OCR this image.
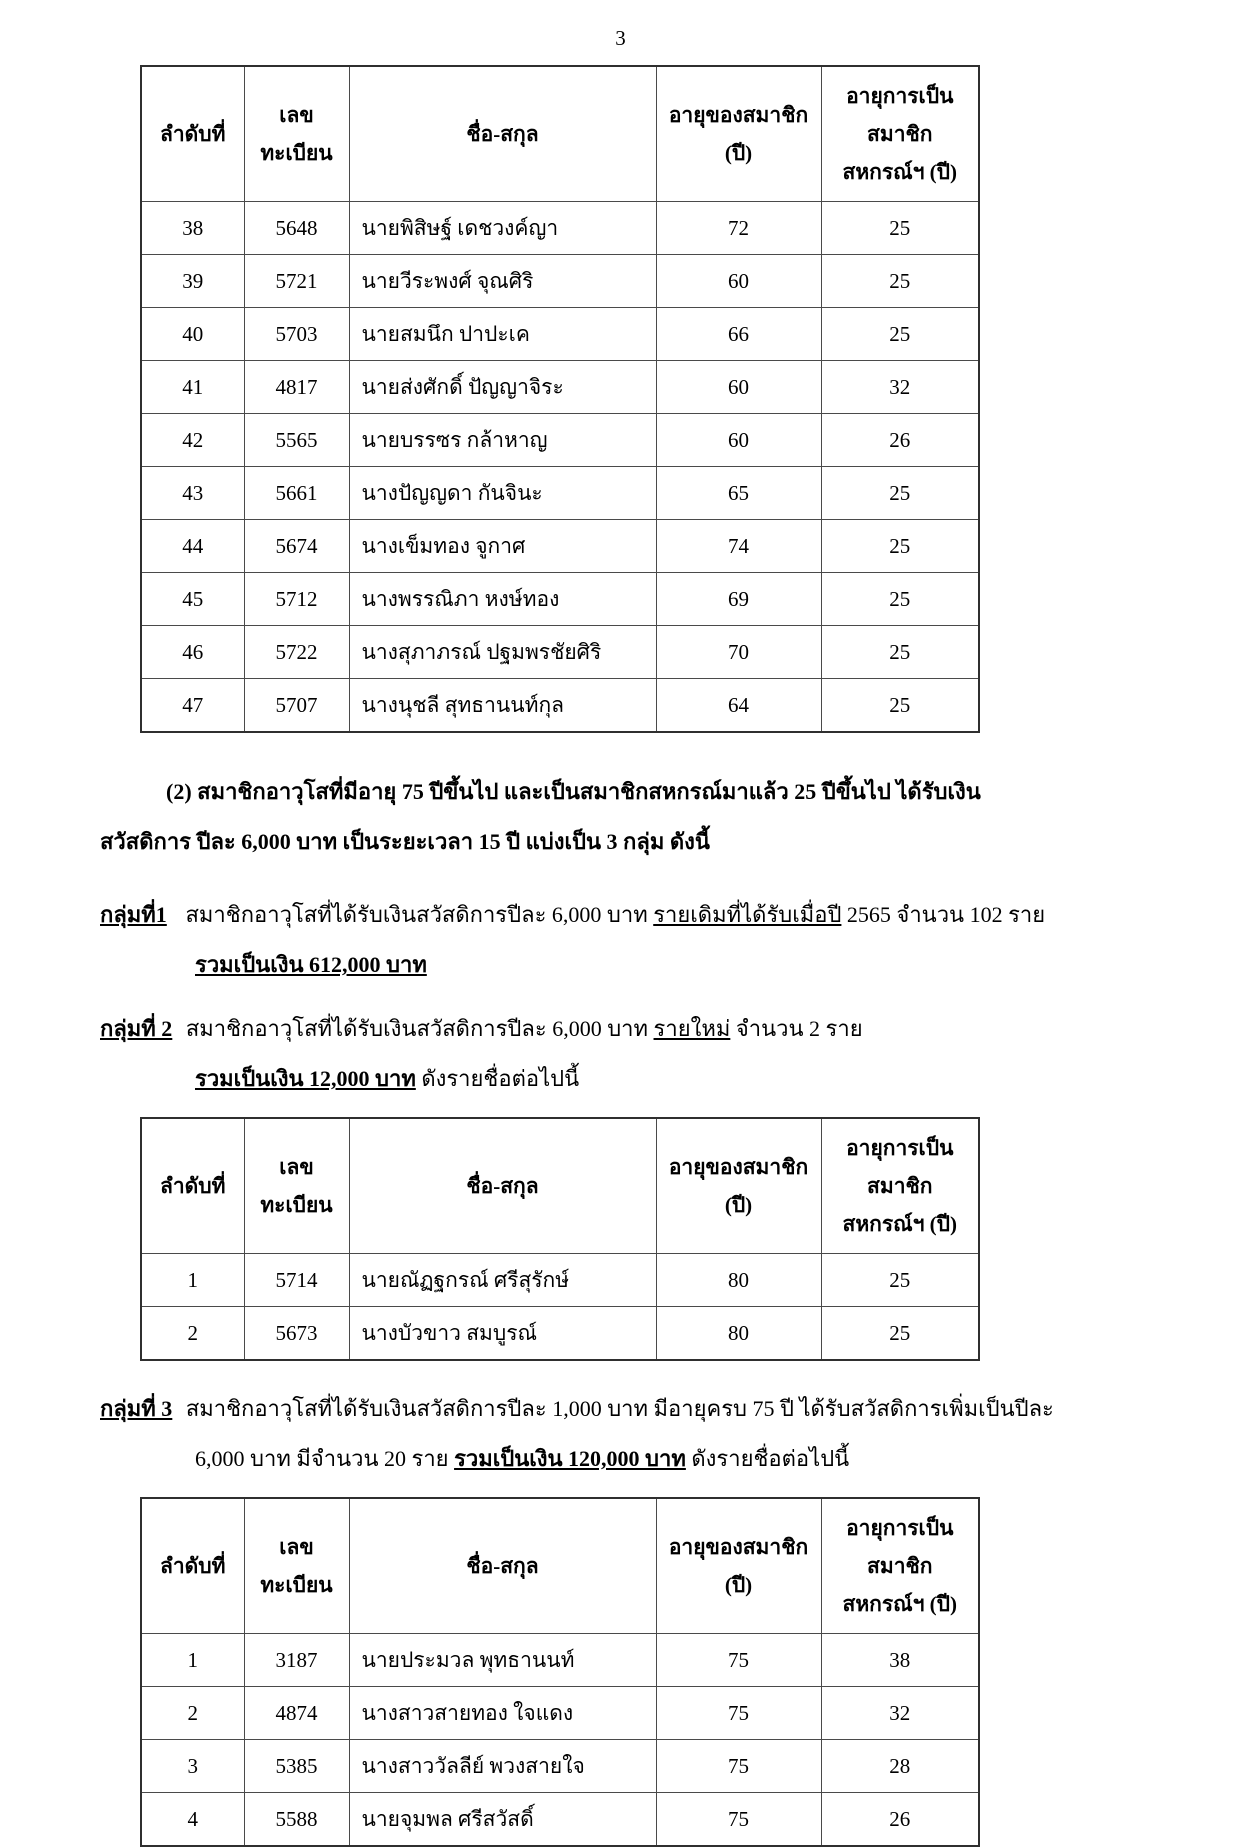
3
ลำดับที่

เลข
ทะเบียน

ชื่อ-สกุล

อายุของสมาชิก
(ปี)

อายุการเป็น
สมาชิก
สหกรณ์ฯ (ปี)

38	5648	นายพิสิษฐ์ เดชวงค์ญา	72	25
39	5721	นายวีระพงศ์ จุณศิริ	60	25
40	5703	นายสมนึก ปาปะเค	66	25
41	4817	นายส่งศักดิ์ ปัญญาจิระ	60	32
42	5565	นายบรรซร กล้าหาญ	60	26
43	5661	นางปัญญดา กันจินะ	65	25
44	5674	นางเข็มทอง จูกาศ	74	25
45	5712	นางพรรณิภา หงษ์ทอง	69	25
46	5722	นางสุภาภรณ์ ปฐมพรชัยศิริ	70	25
47	5707	นางนุชลี สุทธานนท์กุล	64	25
(2) สมาชิกอาวุโสที่มีอายุ 75 ปีขึ้นไป และเป็นสมาชิกสหกรณ์มาแล้ว 25 ปีขึ้นไป ได้รับเงิน
สวัสดิการ ปีละ 6,000 บาท เป็นระยะเวลา 15 ปี แบ่งเป็น 3 กลุ่ม ดังนี้
กลุ่มที่1 สมาชิกอาวุโสที่ได้รับเงินสวัสดิการปีละ 6,000 บาท รายเดิมที่ได้รับเมื่อปี 2565 จำนวน 102 ราย
รวมเป็นเงิน 612,000 บาท
กลุ่มที่ 2 สมาชิกอาวุโสที่ได้รับเงินสวัสดิการปีละ 6,000 บาท รายใหม่ จำนวน 2 ราย
รวมเป็นเงิน 12,000 บาท ดังรายชื่อต่อไปนี้
ลำดับที่

เลข
ทะเบียน

ชื่อ-สกุล

อายุของสมาชิก
(ปี)

อายุการเป็น
สมาชิก
สหกรณ์ฯ (ปี)

1	5714	นายณัฏฐกรณ์ ศรีสุรักษ์	80	25
2	5673	นางบัวขาว สมบูรณ์	80	25
กลุ่มที่ 3 สมาชิกอาวุโสที่ได้รับเงินสวัสดิการปีละ 1,000 บาท มีอายุครบ 75 ปี ได้รับสวัสดิการเพิ่มเป็นปีละ
6,000 บาท มีจำนวน 20 ราย รวมเป็นเงิน 120,000 บาท ดังรายชื่อต่อไปนี้
ลำดับที่

เลข
ทะเบียน

ชื่อ-สกุล

อายุของสมาชิก
(ปี)

อายุการเป็น
สมาชิก
สหกรณ์ฯ (ปี)

1	3187	นายประมวล พุทธานนท์	75	38
2	4874	นางสาวสายทอง ใจแดง	75	32
3	5385	นางสาววัลลีย์ พวงสายใจ	75	28
4	5588	นายจุมพล ศรีสวัสดิ์	75	26
